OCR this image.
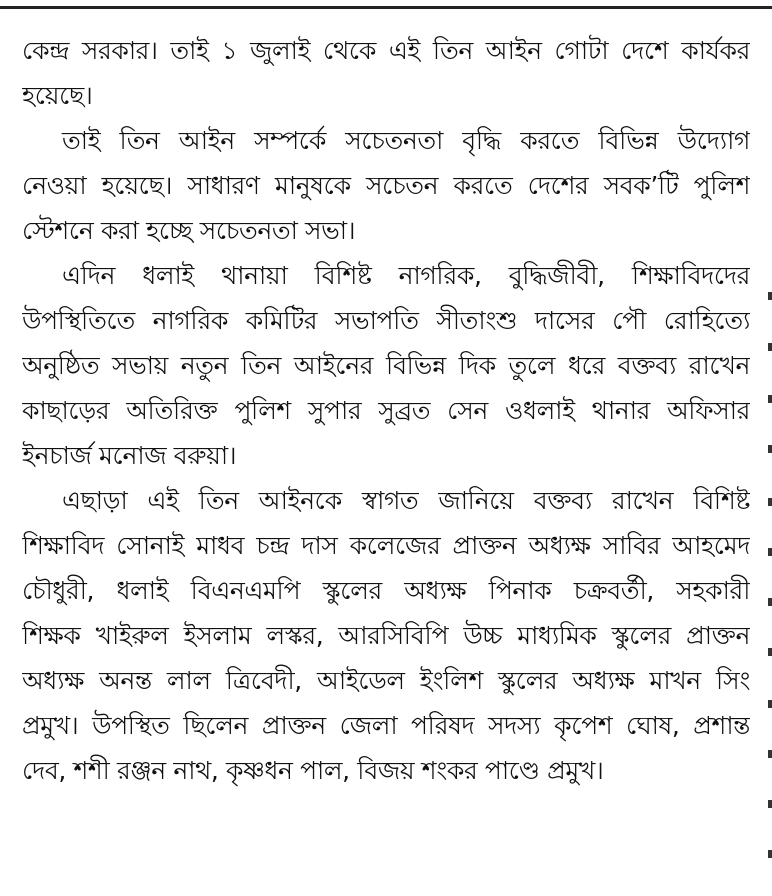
কেন্দ্র সরকার। তাই ১ জুলাই থেকে এই তিন আইন গোটা দেশে কার্যকর
হয়েছে।
তাই তিন আইন সম্পর্কে সচেতনতা বৃদ্ধি করতে বিভিন্ন উদ্যোগ
নেওয়া হয়েছে। সাধারণ মানুষকে সচেতন করতে দেশের সবক’টি পুলিশ
স্টেশনে করা হচ্ছে সচেতনতা সভা।
এদিন ধলাই থানায়া বিশিষ্ট নাগরিক, বুদ্ধিজীবী, শিক্ষাবিদদের
উপস্থিতিতে নাগরিক কমিটির সভাপতি সীতাংশু দাসের পৌ রোহিত্যে
অনুষ্ঠিত সভায় নতুন তিন আইনের বিভিন্ন দিক তুলে ধরে বক্তব্য রাখেন
কাছাড়ের অতিরিক্ত পুলিশ সুপার সুব্রত সেন ওধলাই থানার অফিসার
ইনচার্জ মনোজ বরুয়া।
এছাড়া এই তিন আইনকে স্বাগত জানিয়ে বক্তব্য রাখেন বিশিষ্ট
শিক্ষাবিদ সোনাই মাধব চন্দ্র দাস কলেজের প্রাক্তন অধ্যক্ষ সাবির আহমেদ
চৌধুরী, ধলাই বিএনএমপি স্কুলের অধ্যক্ষ পিনাক চক্রবর্তী, সহকারী
শিক্ষক খাইরুল ইসলাম লস্কর, আরসিবিপি উচ্চ মাধ্যমিক স্কুলের প্রাক্তন
অধ্যক্ষ অনন্ত লাল ত্রিবেদী, আইডেল ইংলিশ স্কুলের অধ্যক্ষ মাখন সিং
প্রমুখ। উপস্থিত ছিলেন প্রাক্তন জেলা পরিষদ সদস্য কৃপেশ ঘোষ, প্রশান্ত
দেব, শশী রঞ্জন নাথ, কৃষ্ণধন পাল, বিজয় শংকর পাণ্ডে প্রমুখ।
